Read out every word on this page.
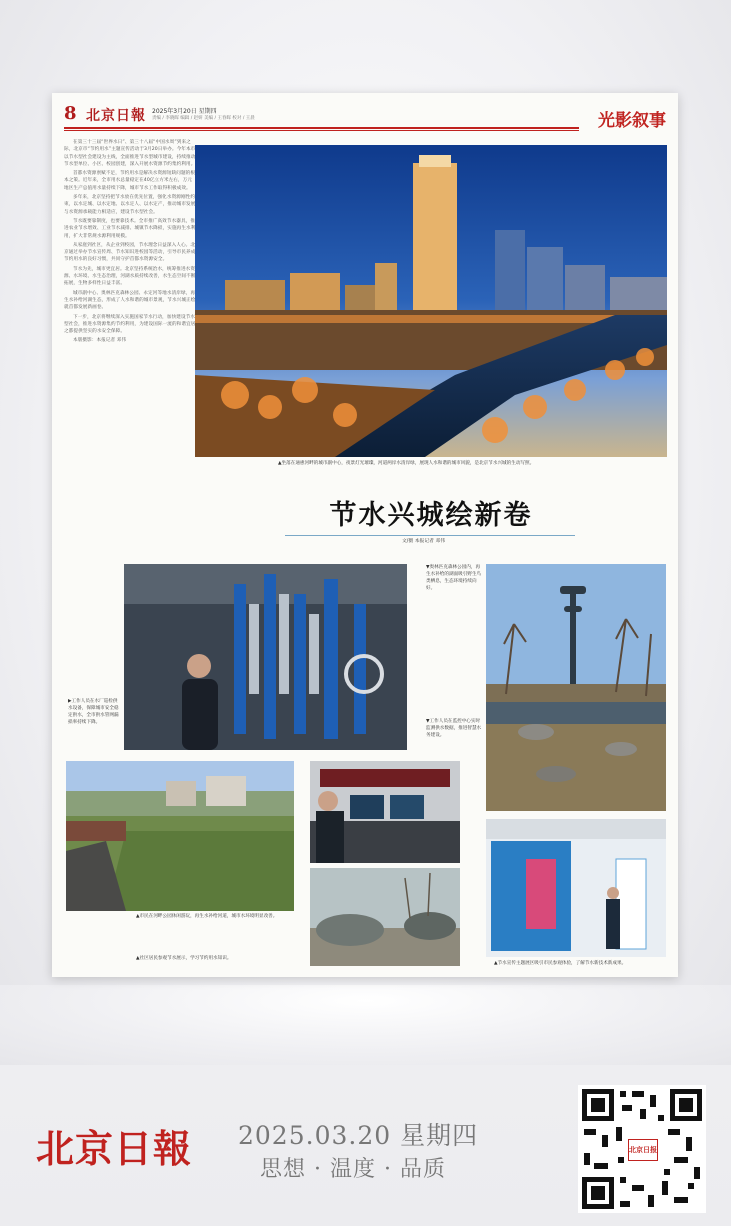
8 北京日報 2025年3月20日 星期四
责编 / 李晓晖 编辑 / 赵妍 美编 / 王春晖 校对 / 王晨	光影叙事

在第三十三届“世界水日”、第三十八届“中国水周”到来之际，北京市“节约用水”主题宣传活动于3月20日举办。今年本市以节水型社会建设为主线，全面推进节水型城市建设，持续推动节水型单位、小区、校园创建，深入开展水资源节约集约利用。

首都水资源禀赋不足，节约用水是解决水资源短缺问题的根本之策。近年来，全市用水总量稳定在40亿立方米左右，万元地区生产总值用水量持续下降，城市节水工作取得积极成效。

多年来，北京坚持把节水放在优先位置，强化水资源刚性约束，以水定城、以水定地、以水定人、以水定产，推动城市发展与水资源承载能力相适应，建设节水型社会。

节水既要靠制度，也要靠技术。全市推广高效节水器具，推进农业节水增效、工业节水减排、城镇节水降损，实施再生水利用，扩大非常规水源利用规模。

从家庭到社区，从企业到校园，节水理念日益深入人心。北京通过举办节水宣传周、节水知识进校园等活动，引导市民养成节约用水的良好习惯，共同守护首都水资源安全。

节水为先，城市更宜居。北京坚持系统治水，统筹推进水资源、水环境、水生态治理，河湖水质持续改善，水生态空间不断拓展，生物多样性日益丰富。

城市副中心、奥林匹克森林公园、永定河等地水清岸绿，再生水补给河湖生态，形成了人水和谐的城市景观，节水兴城正绘就首都发展新画卷。

下一步，北京将继续深入实施国家节水行动，加快建设节水型社会，推进水资源集约节约利用，为建设国际一流的和谐宜居之都提供坚实的水安全保障。

本版摄影：本报记者 邓伟

▲坐落在通惠河畔的城市副中心，夜景灯光璀璨，河道两岸水清岸绿，展现人水和谐的城市风貌，是北京节水兴城的生动写照。
节水兴城绘新卷
文/摄 本报记者 邓伟
▶工作人员在水厂巡检供水设备，保障城市安全稳定供水，全市供水管网漏损率持续下降。
▼奥林匹克森林公园内，再生水补给的湖面吸引野生鸟类栖息，生态环境持续向好。
▼工作人员在监控中心实时监测供水数据，推进智慧水务建设。
▲市民在河畔公园休闲游玩，再生水补给河道，城市水环境明显改善。
▲社区居民参观节水展示，学习节约用水知识。
▲节水宣传主题展区吸引市民参观体验，了解节水新技术新成果。
北京日報 2025.03.20 星期四
思想 · 温度 · 品质
北京日报
